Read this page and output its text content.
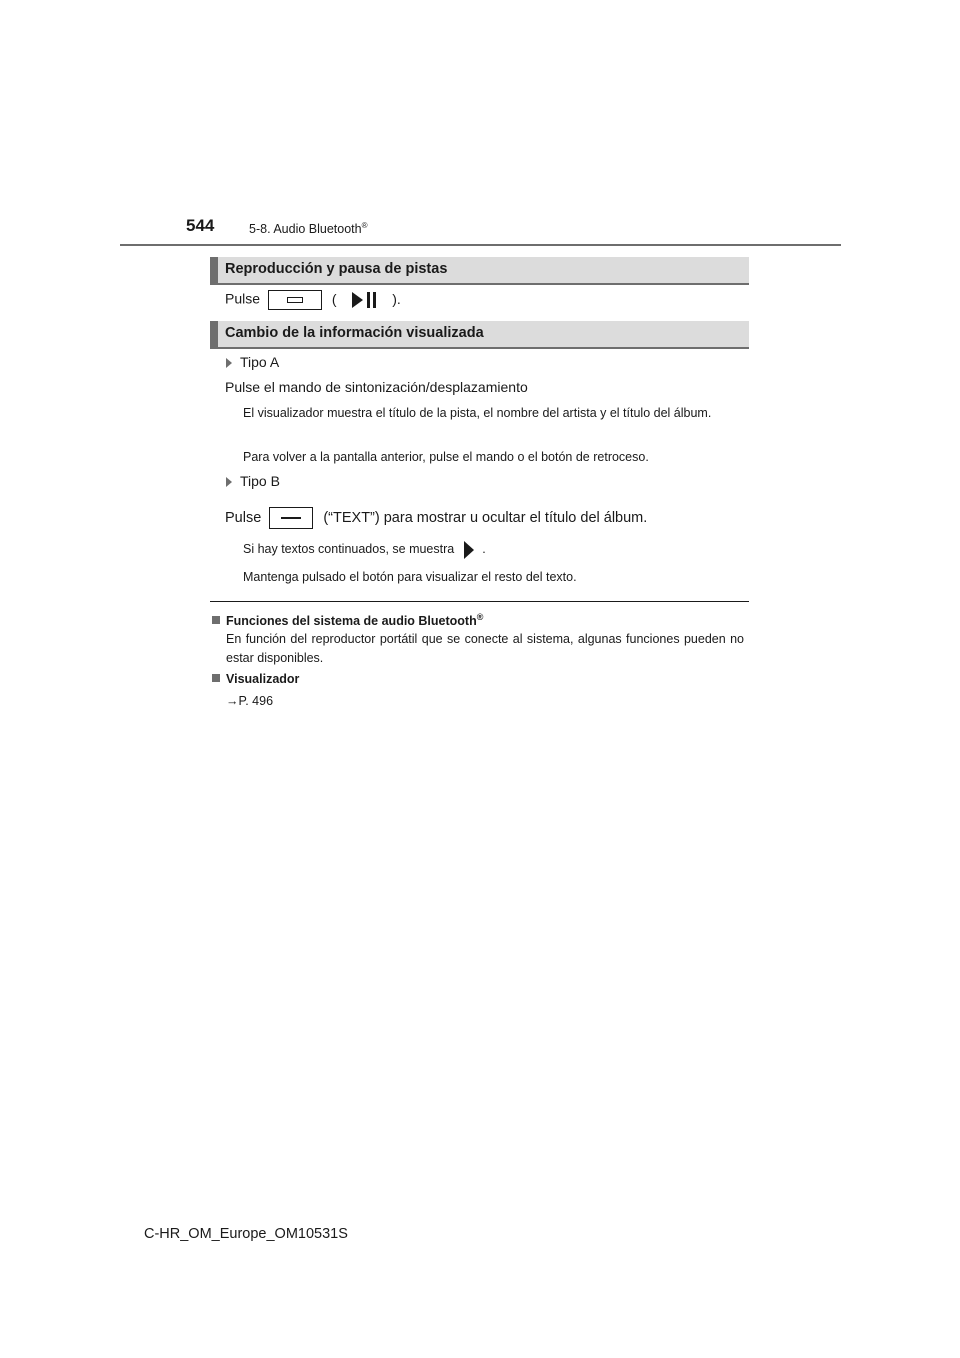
544	5-8. Audio Bluetooth®
Reproducción y pausa de pistas
Pulse	(	).
Cambio de la información visualizada
Tipo A
Pulse el mando de sintonización/desplazamiento
El visualizador muestra el título de la pista, el nombre del artista y el título del álbum.
Para volver a la pantalla anterior, pulse el mando o el botón de retroceso.
Tipo B
Pulse	(“TEXT”) para mostrar u ocultar el título del álbum.
Si hay textos continuados, se muestra .
Mantenga pulsado el botón para visualizar el resto del texto.
Funciones del sistema de audio Bluetooth®
En función del reproductor portátil que se conecte al sistema, algunas funciones pueden no estar disponibles.
Visualizador
→P. 496
C-HR_OM_Europe_OM10531S
